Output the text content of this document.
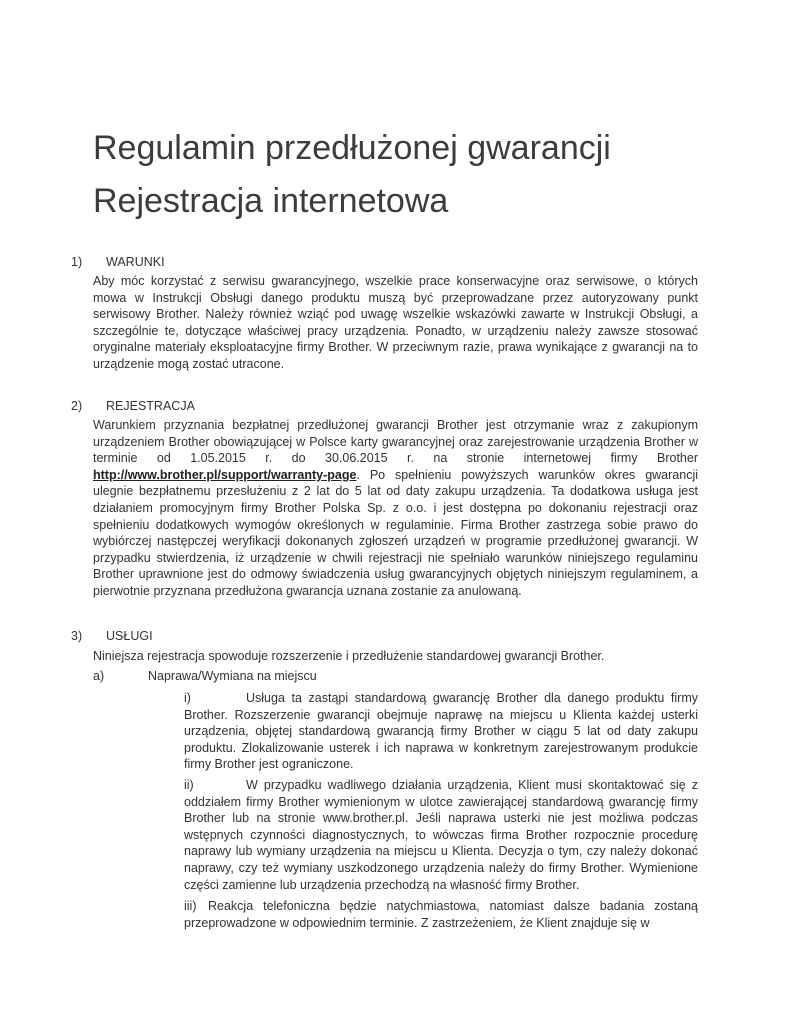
Regulamin przedłużonej gwarancji
Rejestracja internetowa
1) WARUNKI

Aby móc korzystać z serwisu gwarancyjnego, wszelkie prace konserwacyjne oraz serwisowe, o których mowa w Instrukcji Obsługi danego produktu muszą być przeprowadzane przez autoryzowany punkt serwisowy Brother. Należy również wziąć pod uwagę wszelkie wskazówki zawarte w Instrukcji Obsługi, a szczególnie te, dotyczące właściwej pracy urządzenia. Ponadto, w urządzeniu należy zawsze stosować oryginalne materiały eksploatacyjne firmy Brother. W przeciwnym razie, prawa wynikające z gwarancji na to urządzenie mogą zostać utracone.

2) REJESTRACJA

Warunkiem przyznania bezpłatnej przedłużonej gwarancji Brother jest otrzymanie wraz z zakupionym urządzeniem Brother obowiązującej w Polsce karty gwarancyjnej oraz zarejestrowanie urządzenia Brother w terminie od 1.05.2015 r. do 30.06.2015 r. na stronie internetowej firmy Brother http://www.brother.pl/support/warranty-page. Po spełnieniu powyższych warunków okres gwarancji ulegnie bezpłatnemu przesłużeniu z 2 lat do 5 lat od daty zakupu urządzenia. Ta dodatkowa usługa jest działaniem promocyjnym firmy Brother Polska Sp. z o.o. i jest dostępna po dokonaniu rejestracji oraz spełnieniu dodatkowych wymogów określonych w regulaminie. Firma Brother zastrzega sobie prawo do wybiórczej następczej weryfikacji dokonanych zgłoszeń urządzeń w programie przedłużonej gwarancji. W przypadku stwierdzenia, iż urządzenie w chwili rejestracji nie spełniało warunków niniejszego regulaminu Brother uprawnione jest do odmowy świadczenia usług gwarancyjnych objętych niniejszym regulaminem, a pierwotnie przyznana przedłużona gwarancja uznana zostanie za anulowaną.

3) USŁUGI

Niniejsza rejestracja spowoduje rozszerzenie i przedłużenie standardowej gwarancji Brother.

a)	Naprawa/Wymiana na miejscu

i)	Usługa ta zastąpi standardową gwarancję Brother dla danego produktu firmy Brother. Rozszerzenie gwarancji obejmuje naprawę na miejscu u Klienta każdej usterki urządzenia, objętej standardową gwarancją firmy Brother w ciągu 5 lat od daty zakupu produktu. Zlokalizowanie usterek i ich naprawa w konkretnym zarejestrowanym produkcie firmy Brother jest ograniczone.

ii)	W przypadku wadliwego działania urządzenia, Klient musi skontaktować się z oddziałem firmy Brother wymienionym w ulotce zawierającej standardową gwarancję firmy Brother lub na stronie www.brother.pl. Jeśli naprawa usterki nie jest możliwa podczas wstępnych czynności diagnostycznych, to wówczas firma Brother rozpocznie procedurę naprawy lub wymiany urządzenia na miejscu u Klienta. Decyzja o tym, czy należy dokonać naprawy, czy też wymiany uszkodzonego urządzenia należy do firmy Brother. Wymienione części zamienne lub urządzenia przechodzą na własność firmy Brother.

iii) Reakcja telefoniczna będzie natychmiastowa, natomiast dalsze badania zostaną przeprowadzone w odpowiednim terminie. Z zastrzeżeniem, że Klient znajduje się w
